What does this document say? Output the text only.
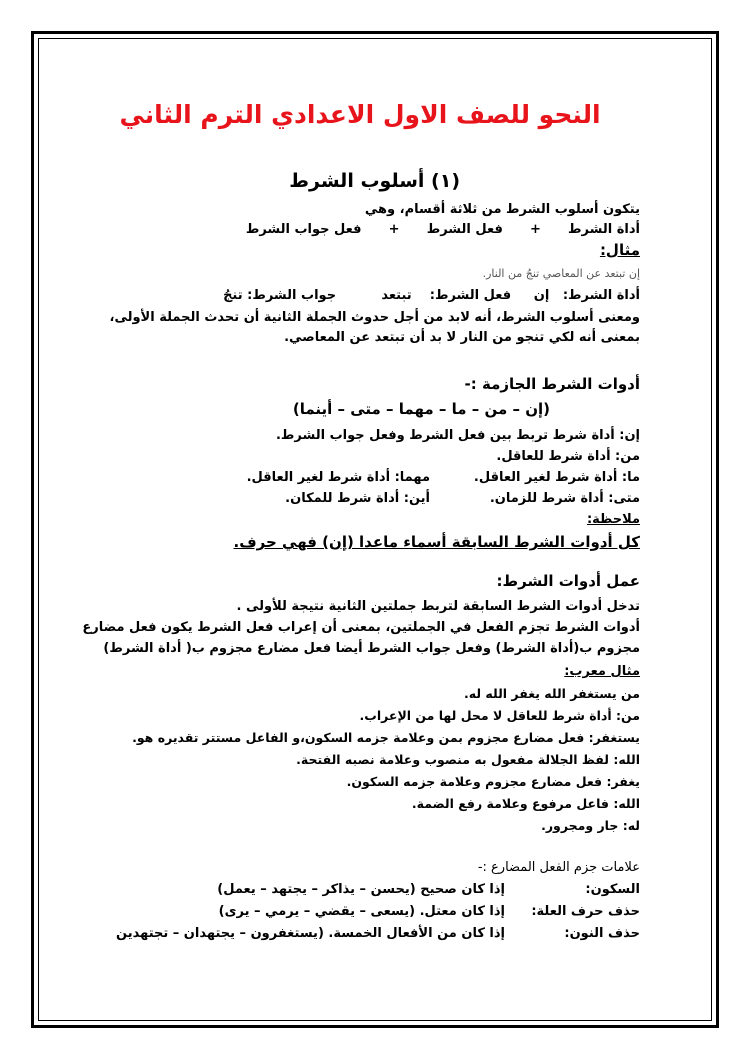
النحو للصف الاول الاعدادي الترم الثاني
(١) أسلوب الشرط
يتكون أسلوب الشرط من ثلاثة أقسام، وهي
أداة الشرط      +      فعل الشرط      +      فعل جواب الشرط
مثال:
إن تبتعد عن المعاصي تنجُ من النار.
أداة الشرط:   إن     فعل الشرط:    تبتعد          جواب الشرط: تنجُ
ومعنى أسلوب الشرط، أنه لابد من أجل حدوث الجملة الثانية أن تحدث الجملة الأولى،
بمعنى أنه لكي تنجو من النار لا بد أن تبتعد عن المعاصي.
أدوات الشرط الجازمة :-
(إن – من – ما – مهما – متى – أينما)
إن: أداة شرط تربط بين فعل الشرط وفعل جواب الشرط.
من: أداة شرط للعاقل.
ما: أداة شرط لغير العاقل.
مهما: أداة شرط لغير العاقل.
متى: أداة شرط للزمان.
أين: أداة شرط للمكان.
ملاحظة:
كل أدوات الشرط السابقة أسماء ماعدا (إن) فهي حرف.
عمل أدوات الشرط:
تدخل أدوات الشرط السابقة لتربط جملتين الثانية نتيجة للأولى .
أدوات الشرط تجزم الفعل في الجملتين، بمعنى أن إعراب فعل الشرط يكون فعل مضارع
مجزوم ب(أداة الشرط) وفعل جواب الشرط أيضا فعل مضارع مجزوم ب( أداة الشرط)
مثال معرب:
من يستغفر الله يغفر الله له.
من: أداة شرط للعاقل لا محل لها من الإعراب.
يستغفر: فعل مضارع مجزوم بمن وعلامة جزمه السكون،و الفاعل مستتر تقديره هو.
الله: لفظ الجلالة مفعول به منصوب وعلامة نصبه الفتحة.
يغفر: فعل مضارع مجزوم وعلامة جزمه السكون.
الله: فاعل مرفوع وعلامة رفع الضمة.
له: جار ومجرور.
علامات جزم الفعل المضارع :-
السكون:
إذا كان صحيح (يحسن – يذاكر – يجتهد – يعمل)
حذف حرف العلة:
إذا كان معتل. (يسعى – يقضي – يرمي – يرى)
حذف النون:
إذا كان من الأفعال الخمسة. (يستغفرون – يجتهدان – تجتهدين
